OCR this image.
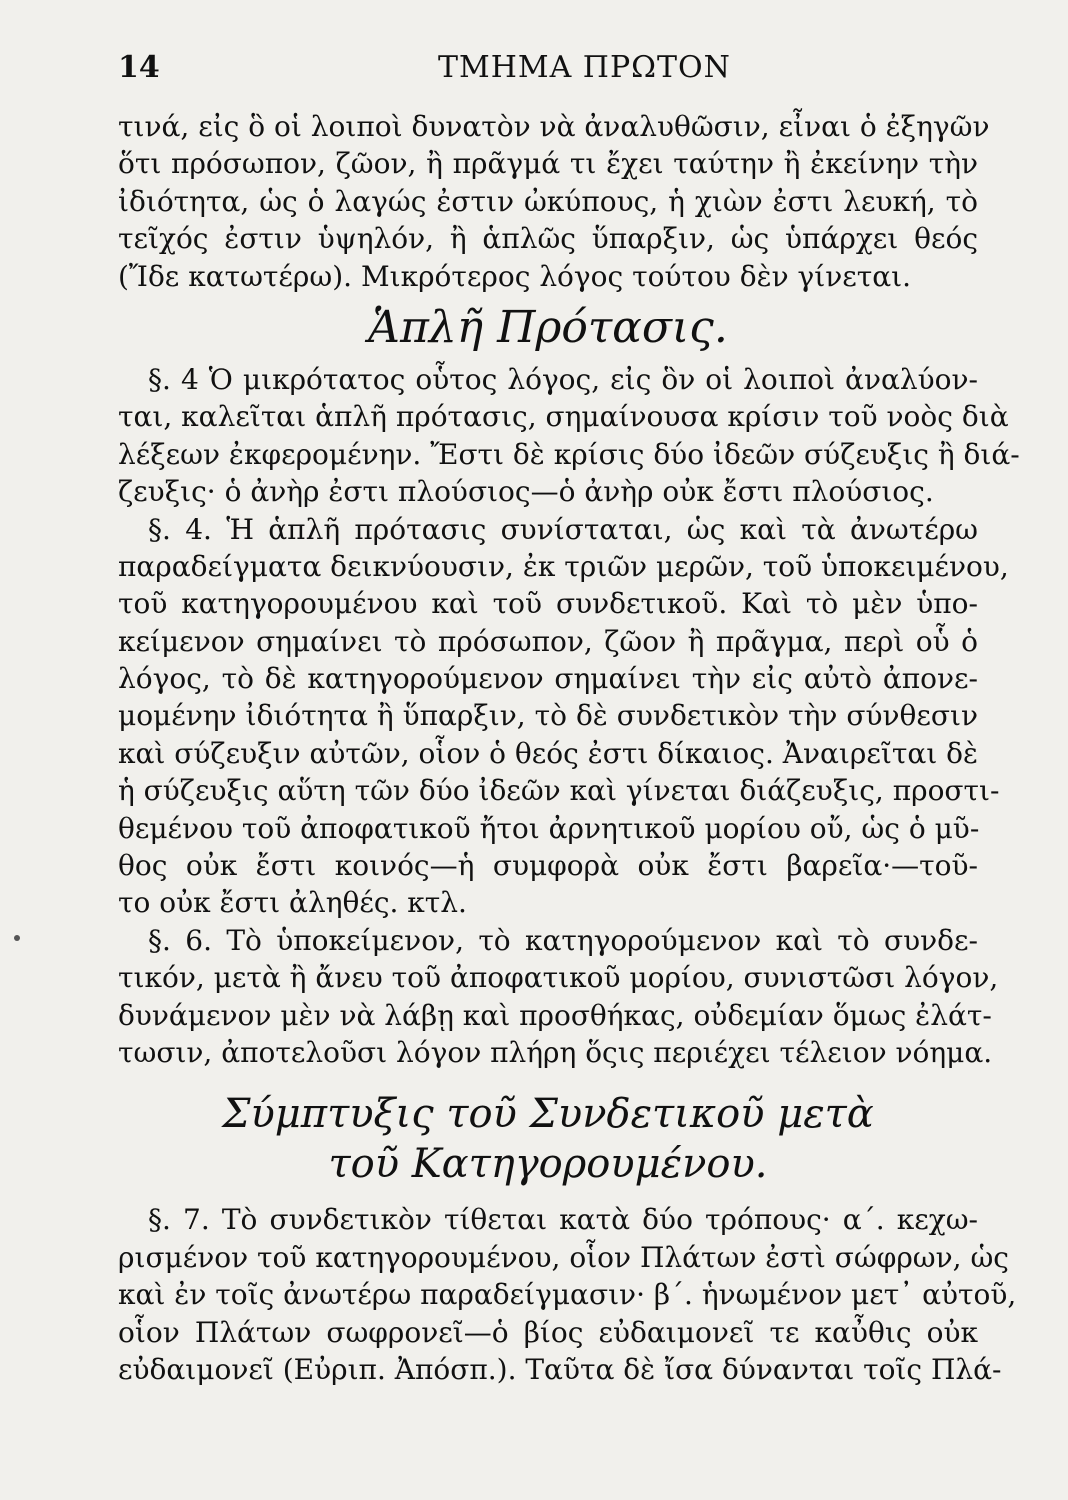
14	ΤΜΗΜΑ ΠΡΩΤΟΝ
τινά, εἰς ὃ οἱ λοιποὶ δυνατὸν νὰ ἀναλυθῶσιν, εἶναι ὁ ἐξηγῶν
ὅτι πρόσωπον, ζῶον, ἢ πρᾶγμά τι ἔχει ταύτην ἢ ἐκείνην τὴν
ἰδιότητα, ὡς ὁ λαγώς ἐστιν ὠκύπους, ἡ χιὼν ἐστι λευκή, τὸ
τεῖχός ἐστιν ὑψηλόν, ἢ ἁπλῶς ὕπαρξιν, ὡς ὑπάρχει θεός
(Ἴδε κατωτέρω). Μικρότερος λόγος τούτου δὲν γίνεται.
Ἁπλῆ Πρότασις.
§. 4 Ὁ μικρότατος οὗτος λόγος, εἰς ὃν οἱ λοιποὶ ἀναλύον-
ται, καλεῖται ἁπλῆ πρότασις, σημαίνουσα κρίσιν τοῦ νοὸς διὰ
λέξεων ἐκφερομένην. Ἔστι δὲ κρίσις δύο ἰδεῶν σύζευξις ἢ διά-
ζευξις· ὁ ἀνὴρ ἐστι πλούσιος—ὁ ἀνὴρ οὐκ ἔστι πλούσιος.
§. 4. Ἡ ἁπλῆ πρότασις συνίσταται, ὡς καὶ τὰ ἀνωτέρω
παραδείγματα δεικνύουσιν, ἐκ τριῶν μερῶν, τοῦ ὑποκειμένου,
τοῦ κατηγορουμένου καὶ τοῦ συνδετικοῦ. Καὶ τὸ μὲν ὑπο-
κείμενον σημαίνει τὸ πρόσωπον, ζῶον ἢ πρᾶγμα, περὶ οὗ ὁ
λόγος, τὸ δὲ κατηγορούμενον σημαίνει τὴν εἰς αὐτὸ ἀπονε-
μομένην ἰδιότητα ἢ ὕπαρξιν, τὸ δὲ συνδετικὸν τὴν σύνθεσιν
καὶ σύζευξιν αὐτῶν, οἷον ὁ θεός ἐστι δίκαιος. Ἀναιρεῖται δὲ
ἡ σύζευξις αὕτη τῶν δύο ἰδεῶν καὶ γίνεται διάζευξις, προστι-
θεμένου τοῦ ἀποφατικοῦ ἤτοι ἀρνητικοῦ μορίου οὔ, ὡς ὁ μῦ-
θος οὐκ ἔστι κοινός—ἡ συμφορὰ οὐκ ἔστι βαρεῖα·—τοῦ-
το οὐκ ἔστι ἀληθές. κτλ.
§. 6. Τὸ ὑποκείμενον, τὸ κατηγορούμενον καὶ τὸ συνδε-
τικόν, μετὰ ἢ ἄνευ τοῦ ἀποφατικοῦ μορίου, συνιστῶσι λόγον,
δυνάμενον μὲν νὰ λάβῃ καὶ προσθήκας, οὐδεμίαν ὅμως ἐλάτ-
τωσιν, ἀποτελοῦσι λόγον πλήρη ὅςις περιέχει τέλειον νόημα.
Σύμπτυξις τοῦ Συνδετικοῦ μετὰ
τοῦ Κατηγορουμένου.
§. 7. Τὸ συνδετικὸν τίθεται κατὰ δύο τρόπους· α΄. κεχω-
ρισμένον τοῦ κατηγορουμένου, οἷον Πλάτων ἐστὶ σώφρων, ὡς
καὶ ἐν τοῖς ἀνωτέρω παραδείγμασιν· β΄. ἡνωμένον μετ᾽ αὐτοῦ,
οἷον Πλάτων σωφρονεῖ—ὁ βίος εὐδαιμονεῖ τε καὖθις οὐκ
εὐδαιμονεῖ (Εὐριπ. Ἀπόσπ.). Ταῦτα δὲ ἴσα δύνανται τοῖς Πλά-
